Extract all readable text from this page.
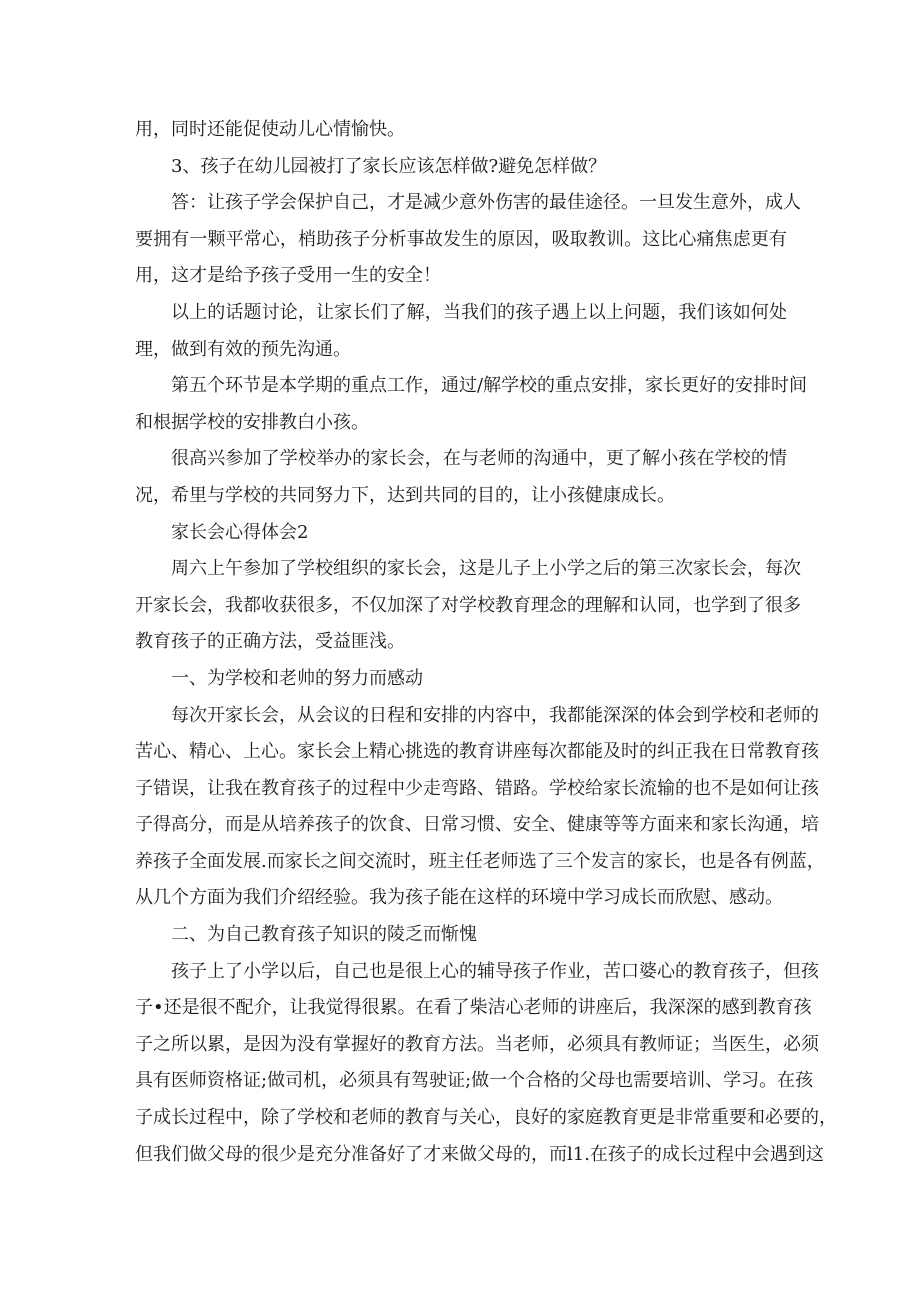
用，同时还能促使动儿心情愉快。
3、孩子在幼儿园被打了家长应该怎样做?避免怎样做？
答：让孩子学会保护自己，才是减少意外伤害的最佳途径。一旦发生意外，成人
要拥有一颗平常心，梢助孩子分析事故发生的原因，吸取教训。这比心痛焦虑更有
用，这才是给予孩子受用一生的安全！
以上的话题讨论，让家长们了解，当我们的孩子遇上以上问题，我们该如何处
理，做到有效的预先沟通。
第五个环节是本学期的重点工作，通过/解学校的重点安排，家长更好的安排时间
和根据学校的安排教白小孩。
很高兴参加了学校举办的家长会，在与老师的沟通中，更了解小孩在学校的情
况，希里与学校的共同努力下，达到共同的目的，让小孩健康成长。
家长会心得体会2
周六上午参加了学校组织的家长会，这是儿子上小学之后的第三次家长会，每次
开家长会，我都收获很多，不仅加深了对学校教育理念的理解和认同，也学到了很多
教育孩子的正确方法，受益匪浅。
一、为学校和老帅的努力而感动
每次开家长会，从会议的日程和安排的内容中，我都能深深的体会到学校和老师的
苦心、精心、上心。家长会上精心挑选的教育讲座每次都能及时的纠正我在日常教育孩
子错误，让我在教育孩子的过程中少走弯路、错路。学校给家长流输的也不是如何让孩
子得高分，而是从培养孩子的饮食、日常习惯、安全、健康等等方面来和家长沟通，培
养孩子全面发展.而家长之间交流时，班主任老师选了三个发言的家长，也是各有例蓝，
从几个方面为我们介绍经验。我为孩子能在这样的环境中学习成长而欣慰、感动。
二、为自己教育孩子知识的陵乏而惭愧
孩子上了小学以后，自己也是很上心的辅导孩子作业，苦口婆心的教育孩子，但孩
子•还是很不配介，让我觉得很累。在看了柴洁心老师的讲座后，我深深的感到教育孩
子之所以累，是因为没有掌握好的教育方法。当老师，必须具有教师证；当医生，必须
具有医师资格证;做司机，必须具有驾驶证;做一个合格的父母也需要培训、学习。在孩
子成长过程中，除了学校和老师的教育与关心，良好的家庭教育更是非常重要和必要的，
但我们做父母的很少是充分准备好了才来做父母的，而l1.在孩子的成长过程中会遇到这
